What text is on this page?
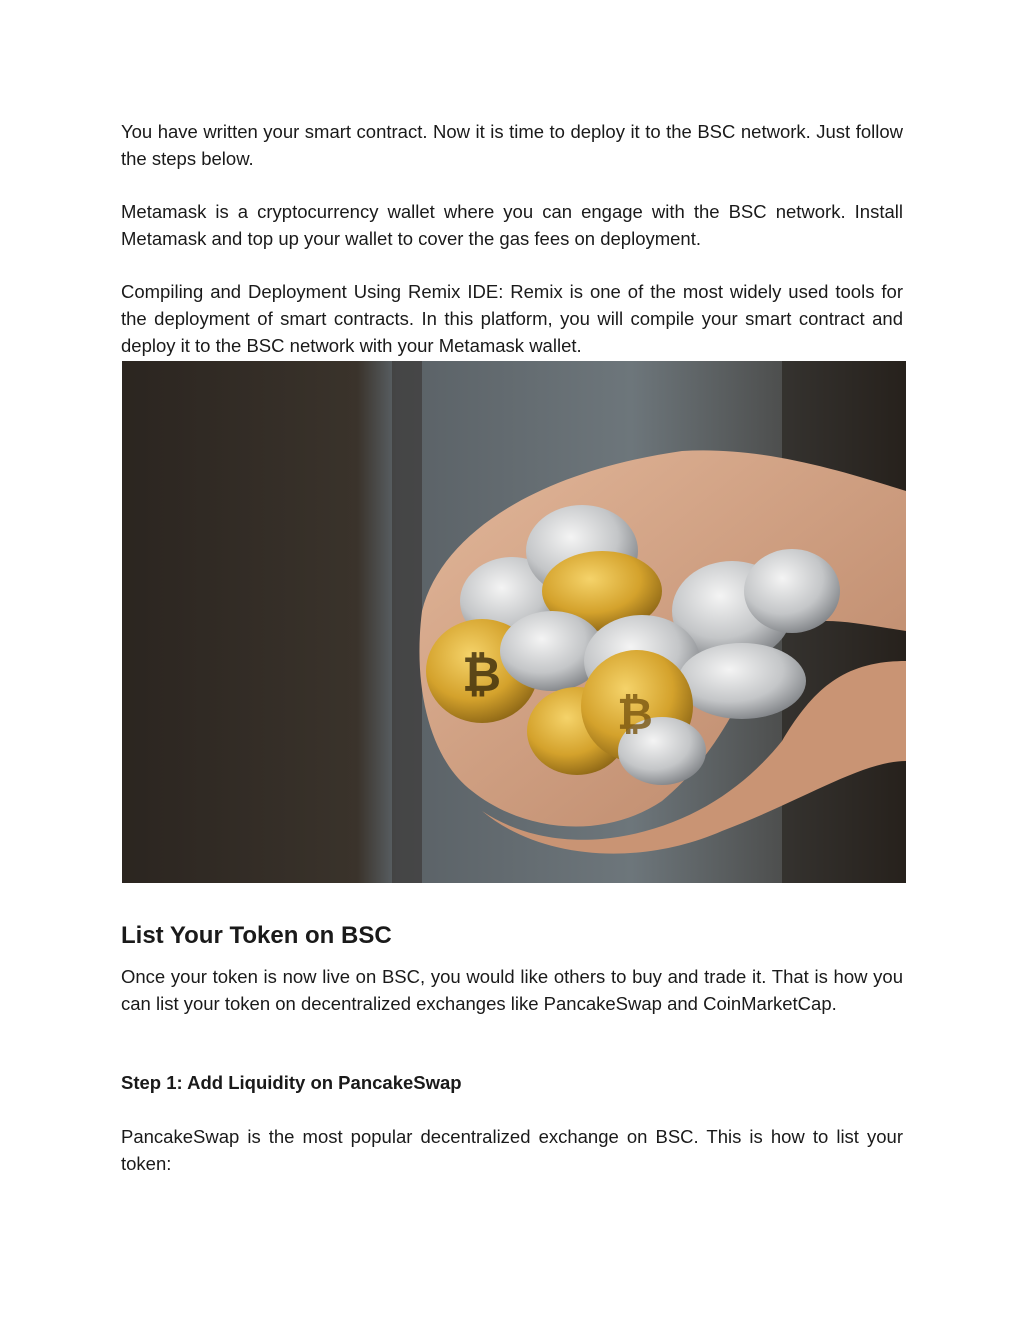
You have written your smart contract. Now it is time to deploy it to the BSC network. Just follow the steps below.

Metamask is a cryptocurrency wallet where you can engage with the BSC network. Install Metamask and top up your wallet to cover the gas fees on deployment.

Compiling and Deployment Using Remix IDE: Remix is one of the most widely used tools for the deployment of smart contracts. In this platform, you will compile your smart contract and deploy it to the BSC network with your Metamask wallet.

₿
₿
List Your Token on BSC

Once your token is now live on BSC, you would like others to buy and trade it. That is how you can list your token on decentralized exchanges like PancakeSwap and CoinMarketCap.

Step 1: Add Liquidity on PancakeSwap

PancakeSwap is the most popular decentralized exchange on BSC. This is how to list your token:
